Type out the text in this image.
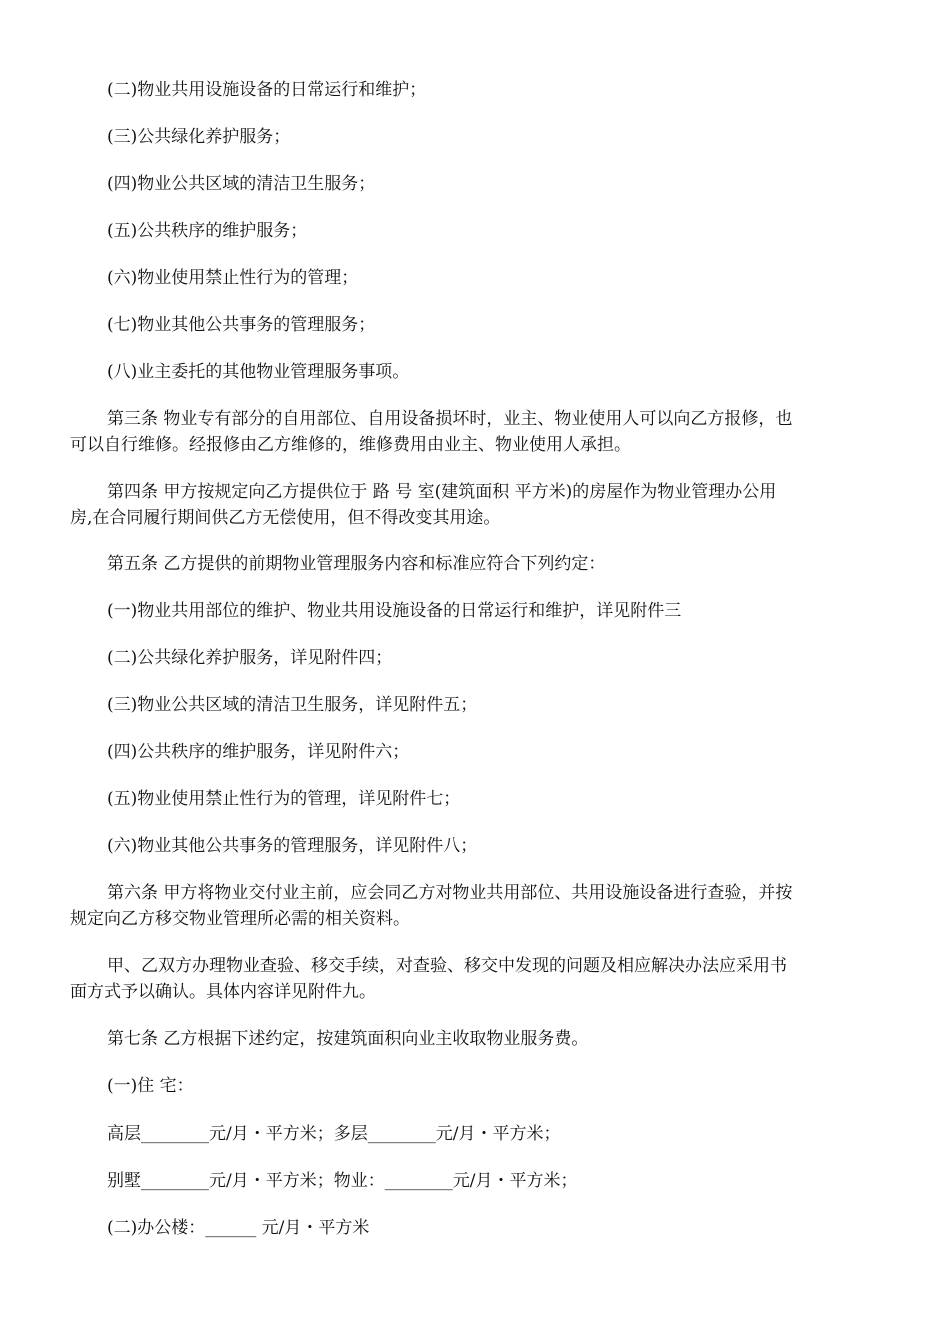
(二)物业共用设施设备的日常运行和维护；

(三)公共绿化养护服务；

(四)物业公共区域的清洁卫生服务；

(五)公共秩序的维护服务；

(六)物业使用禁止性行为的管理；

(七)物业其他公共事务的管理服务；

(八)业主委托的其他物业管理服务事项。

第三条 物业专有部分的自用部位、自用设备损坏时，业主、物业使用人可以向乙方报修，也
可以自行维修。经报修由乙方维修的，维修费用由业主、物业使用人承担。

第四条 甲方按规定向乙方提供位于 路 号 室(建筑面积 平方米)的房屋作为物业管理办公用
房,在合同履行期间供乙方无偿使用，但不得改变其用途。

第五条 乙方提供的前期物业管理服务内容和标准应符合下列约定：

(一)物业共用部位的维护、物业共用设施设备的日常运行和维护，详见附件三

(二)公共绿化养护服务，详见附件四；

(三)物业公共区域的清洁卫生服务，详见附件五；

(四)公共秩序的维护服务，详见附件六；

(五)物业使用禁止性行为的管理，详见附件七；

(六)物业其他公共事务的管理服务，详见附件八；

第六条 甲方将物业交付业主前，应会同乙方对物业共用部位、共用设施设备进行查验，并按
规定向乙方移交物业管理所必需的相关资料。

甲、乙双方办理物业查验、移交手续，对查验、移交中发现的问题及相应解决办法应采用书
面方式予以确认。具体内容详见附件九。

第七条 乙方根据下述约定，按建筑面积向业主收取物业服务费。

(一)住 宅：

高层________元/月・平方米；多层________元/月・平方米；

别墅________元/月・平方米；物业：________元/月・平方米；

(二)办公楼：______ 元/月・平方米
